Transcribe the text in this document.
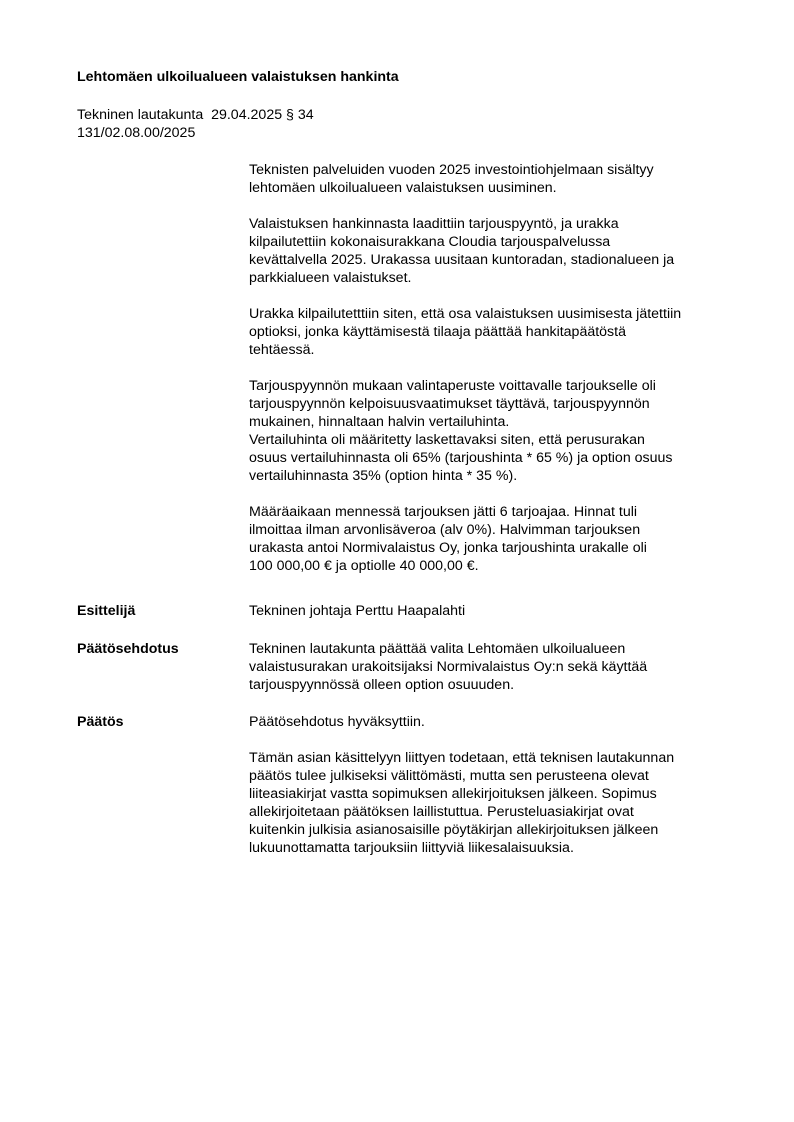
Lehtomäen ulkoilualueen valaistuksen hankinta
Tekninen lautakunta  29.04.2025 § 34
131/02.08.00/2025
Teknisten palveluiden vuoden 2025 investointiohjelmaan sisältyy
lehtomäen ulkoilualueen valaistuksen uusiminen.
Valaistuksen hankinnasta laadittiin tarjouspyyntö, ja urakka
kilpailutettiin kokonaisurakkana Cloudia tarjouspalvelussa
kevättalvella 2025. Urakassa uusitaan kuntoradan, stadionalueen ja
parkkialueen valaistukset.
Urakka kilpailutetttiin siten, että osa valaistuksen uusimisesta jätettiin
optioksi, jonka käyttämisestä tilaaja päättää hankitapäätöstä
tehtäessä.
Tarjouspyynnön mukaan valintaperuste voittavalle tarjoukselle oli
tarjouspyynnön kelpoisuusvaatimukset täyttävä, tarjouspyynnön
mukainen, hinnaltaan halvin vertailuhinta.
Vertailuhinta oli määritetty laskettavaksi siten, että perusurakan
osuus vertailuhinnasta oli 65% (tarjoushinta * 65 %) ja option osuus
vertailuhinnasta 35% (option hinta * 35 %).
Määräaikaan mennessä tarjouksen jätti 6 tarjoajaa. Hinnat tuli
ilmoittaa ilman arvonlisäveroa (alv 0%). Halvimman tarjouksen
urakasta antoi Normivalaistus Oy, jonka tarjoushinta urakalle oli
100 000,00 € ja optiolle 40 000,00 €.
Esittelijä	Tekninen johtaja Perttu Haapalahti
Päätösehdotus	Tekninen lautakunta päättää valita Lehtomäen ulkoilualueen
valaistusurakan urakoitsijaksi Normivalaistus Oy:n sekä käyttää
tarjouspyynnössä olleen option osuuuden.
Päätös	Päätösehdotus hyväksyttiin.
Tämän asian käsittelyyn liittyen todetaan, että teknisen lautakunnan
päätös tulee julkiseksi välittömästi, mutta sen perusteena olevat
liiteasiakirjat vastta sopimuksen allekirjoituksen jälkeen. Sopimus
allekirjoitetaan päätöksen laillistuttua. Perusteluasiakirjat ovat
kuitenkin julkisia asianosaisille pöytäkirjan allekirjoituksen jälkeen
lukuunottamatta tarjouksiin liittyviä liikesalaisuuksia.
